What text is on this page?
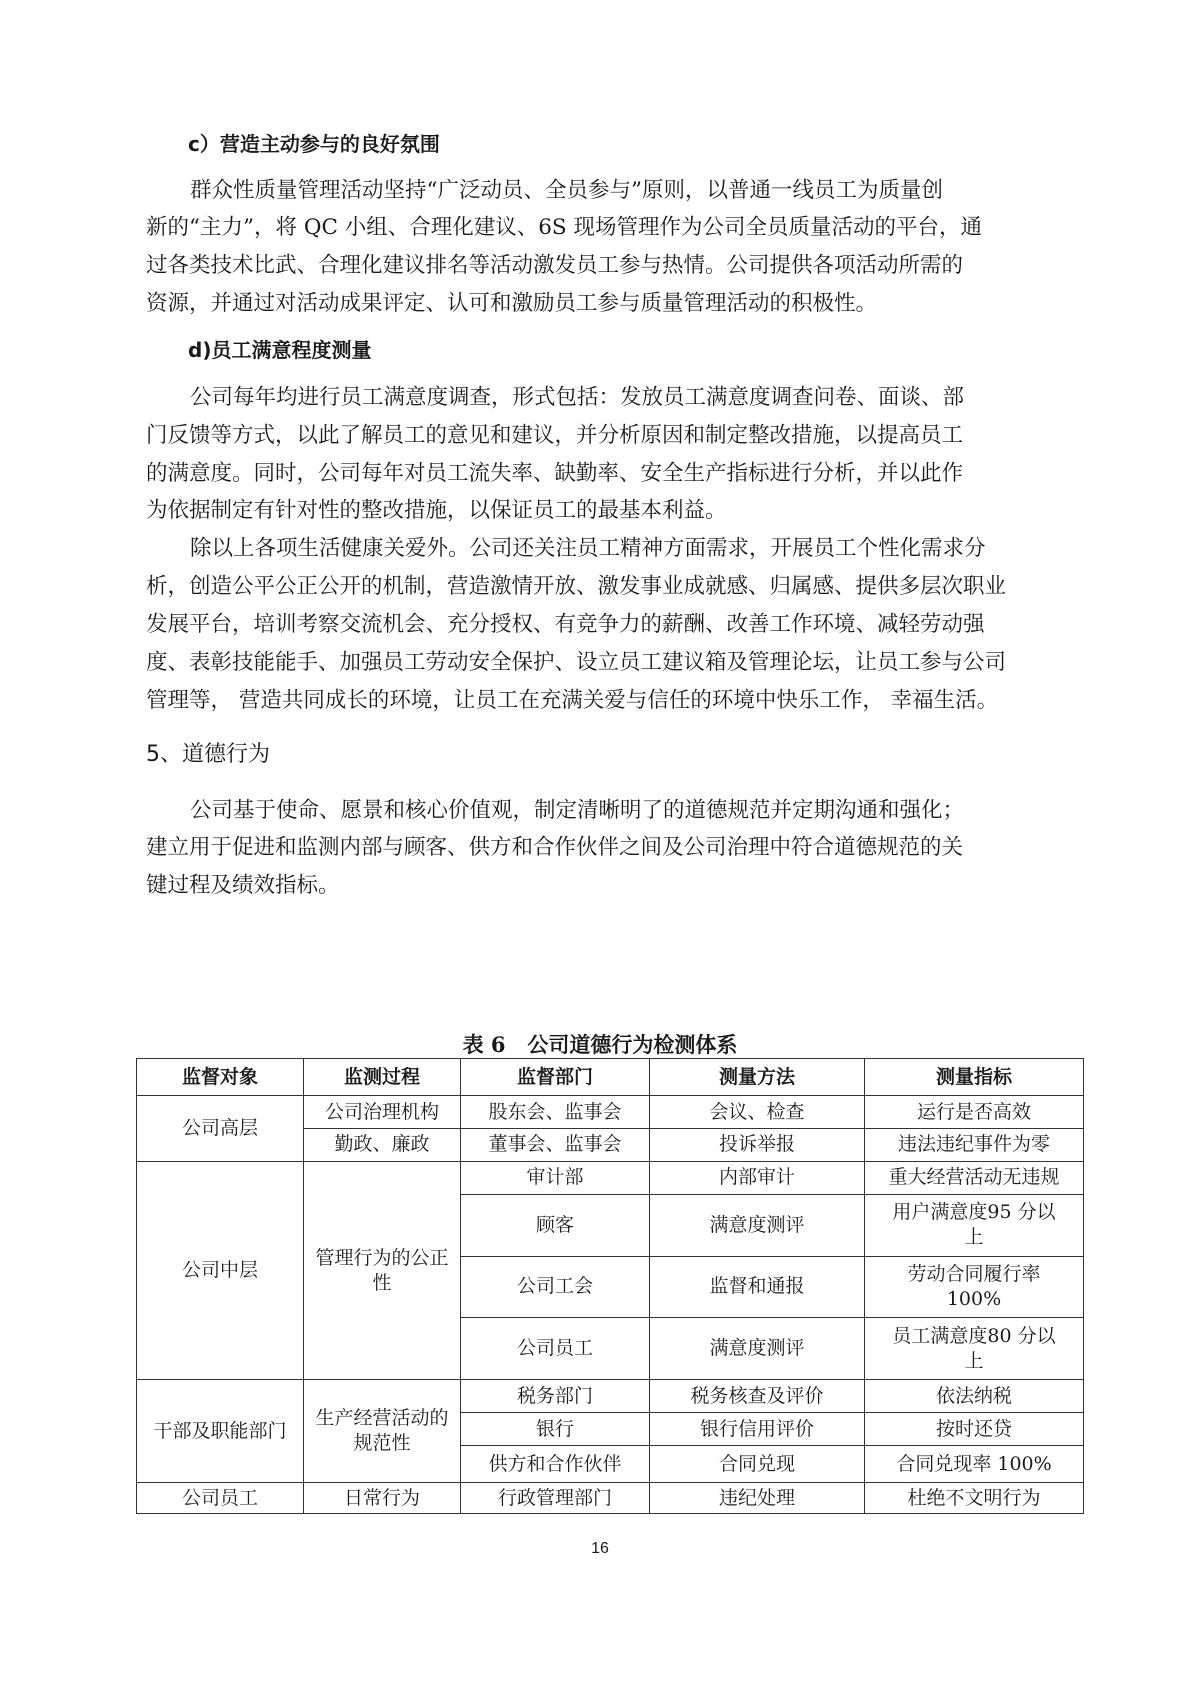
c）营造主动参与的良好氛围
群众性质量管理活动坚持“广泛动员、全员参与”原则，以普通一线员工为质量创
新的“主力”，将 QC 小组、合理化建议、6S 现场管理作为公司全员质量活动的平台，通
过各类技术比武、合理化建议排名等活动激发员工参与热情。公司提供各项活动所需的
资源，并通过对活动成果评定、认可和激励员工参与质量管理活动的积极性。
d)员工满意程度测量
公司每年均进行员工满意度调查，形式包括：发放员工满意度调查问卷、面谈、部
门反馈等方式，以此了解员工的意见和建议，并分析原因和制定整改措施，以提高员工
的满意度。同时，公司每年对员工流失率、缺勤率、安全生产指标进行分析，并以此作
为依据制定有针对性的整改措施，以保证员工的最基本利益。
除以上各项生活健康关爱外。公司还关注员工精神方面需求，开展员工个性化需求分
析，创造公平公正公开的机制，营造激情开放、激发事业成就感、归属感、提供多层次职业
发展平台，培训考察交流机会、充分授权、有竞争力的薪酬、改善工作环境、减轻劳动强
度、表彰技能能手、加强员工劳动安全保护、设立员工建议箱及管理论坛，让员工参与公司
管理等， 营造共同成长的环境，让员工在充满关爱与信任的环境中快乐工作， 幸福生活。
5、道德行为
公司基于使命、愿景和核心价值观，制定清晰明了的道德规范并定期沟通和强化；
建立用于促进和监测内部与顾客、供方和合作伙伴之间及公司治理中符合道德规范的关
键过程及绩效指标。
表 6   公司道德行为检测体系
监督对象	监测过程	监督部门	测量方法	测量指标
公司高层	公司治理机构	股东会、监事会	会议、检查	运行是否高效
	勤政、廉政	董事会、监事会	投诉举报	违法违纪事件为零
公司中层	管理行为的公正性	审计部	内部审计	重大经营活动无违规
		顾客	满意度测评	用户满意度95 分以上
		公司工会	监督和通报	劳动合同履行率 100%
		公司员工	满意度测评	员工满意度80 分以上
干部及职能部门	生产经营活动的规范性	税务部门	税务核查及评价	依法纳税
		银行	银行信用评价	按时还贷
		供方和合作伙伴	合同兑现	合同兑现率 100%
公司员工	日常行为	行政管理部门	违纪处理	杜绝不文明行为
16
